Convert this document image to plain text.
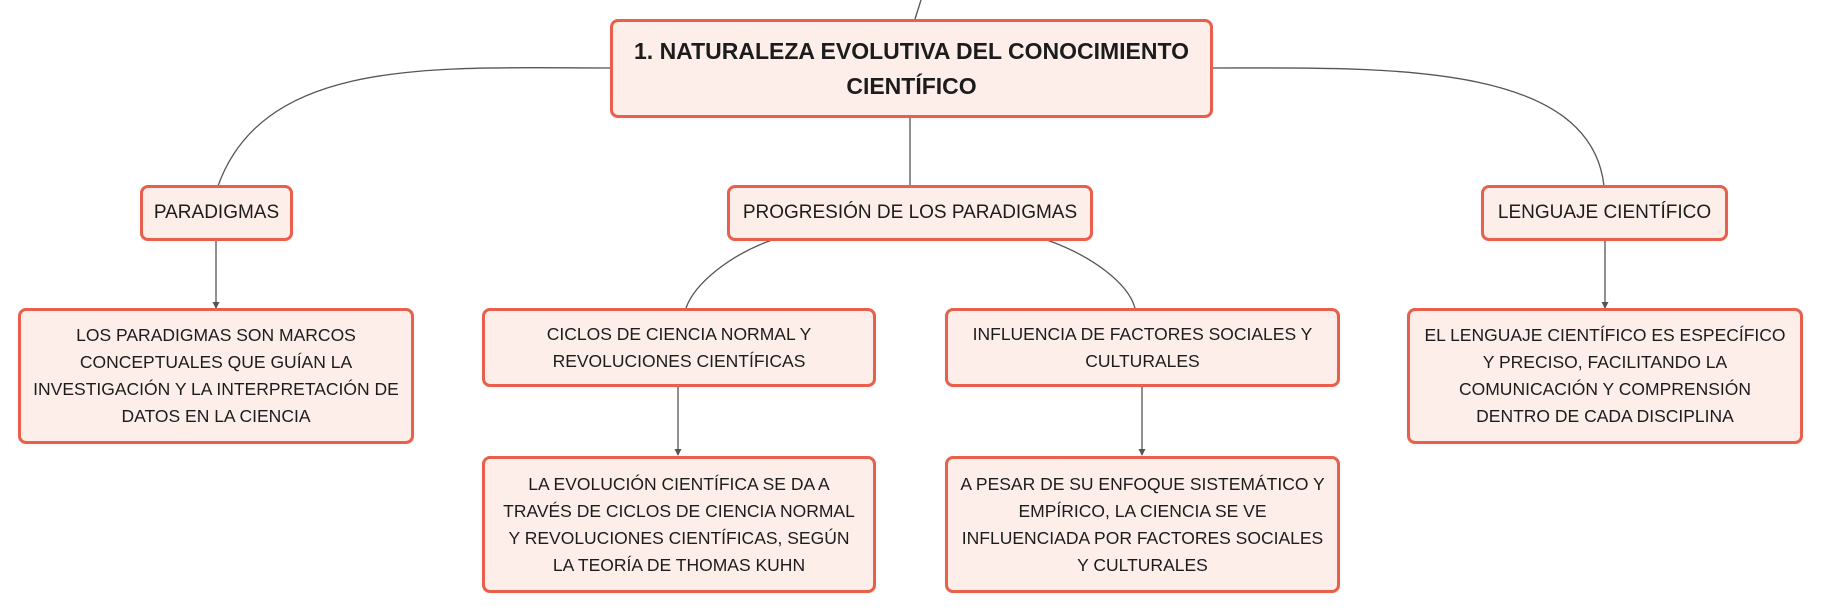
1. NATURALEZA EVOLUTIVA DEL CONOCIMIENTO CIENTÍFICO
PARADIGMAS	PROGRESIÓN DE LOS PARADIGMAS	LENGUAJE CIENTÍFICO
LOS PARADIGMAS SON MARCOS CONCEPTUALES QUE GUÍAN LA INVESTIGACIÓN Y LA INTERPRETACIÓN DE DATOS EN LA CIENCIA
CICLOS DE CIENCIA NORMAL Y REVOLUCIONES CIENTÍFICAS
INFLUENCIA DE FACTORES SOCIALES Y CULTURALES
EL LENGUAJE CIENTÍFICO ES ESPECÍFICO Y PRECISO, FACILITANDO LA COMUNICACIÓN Y COMPRENSIÓN DENTRO DE CADA DISCIPLINA
LA EVOLUCIÓN CIENTÍFICA SE DA A TRAVÉS DE CICLOS DE CIENCIA NORMAL Y REVOLUCIONES CIENTÍFICAS, SEGÚN LA TEORÍA DE THOMAS KUHN
A PESAR DE SU ENFOQUE SISTEMÁTICO Y EMPÍRICO, LA CIENCIA SE VE INFLUENCIADA POR FACTORES SOCIALES Y CULTURALES
